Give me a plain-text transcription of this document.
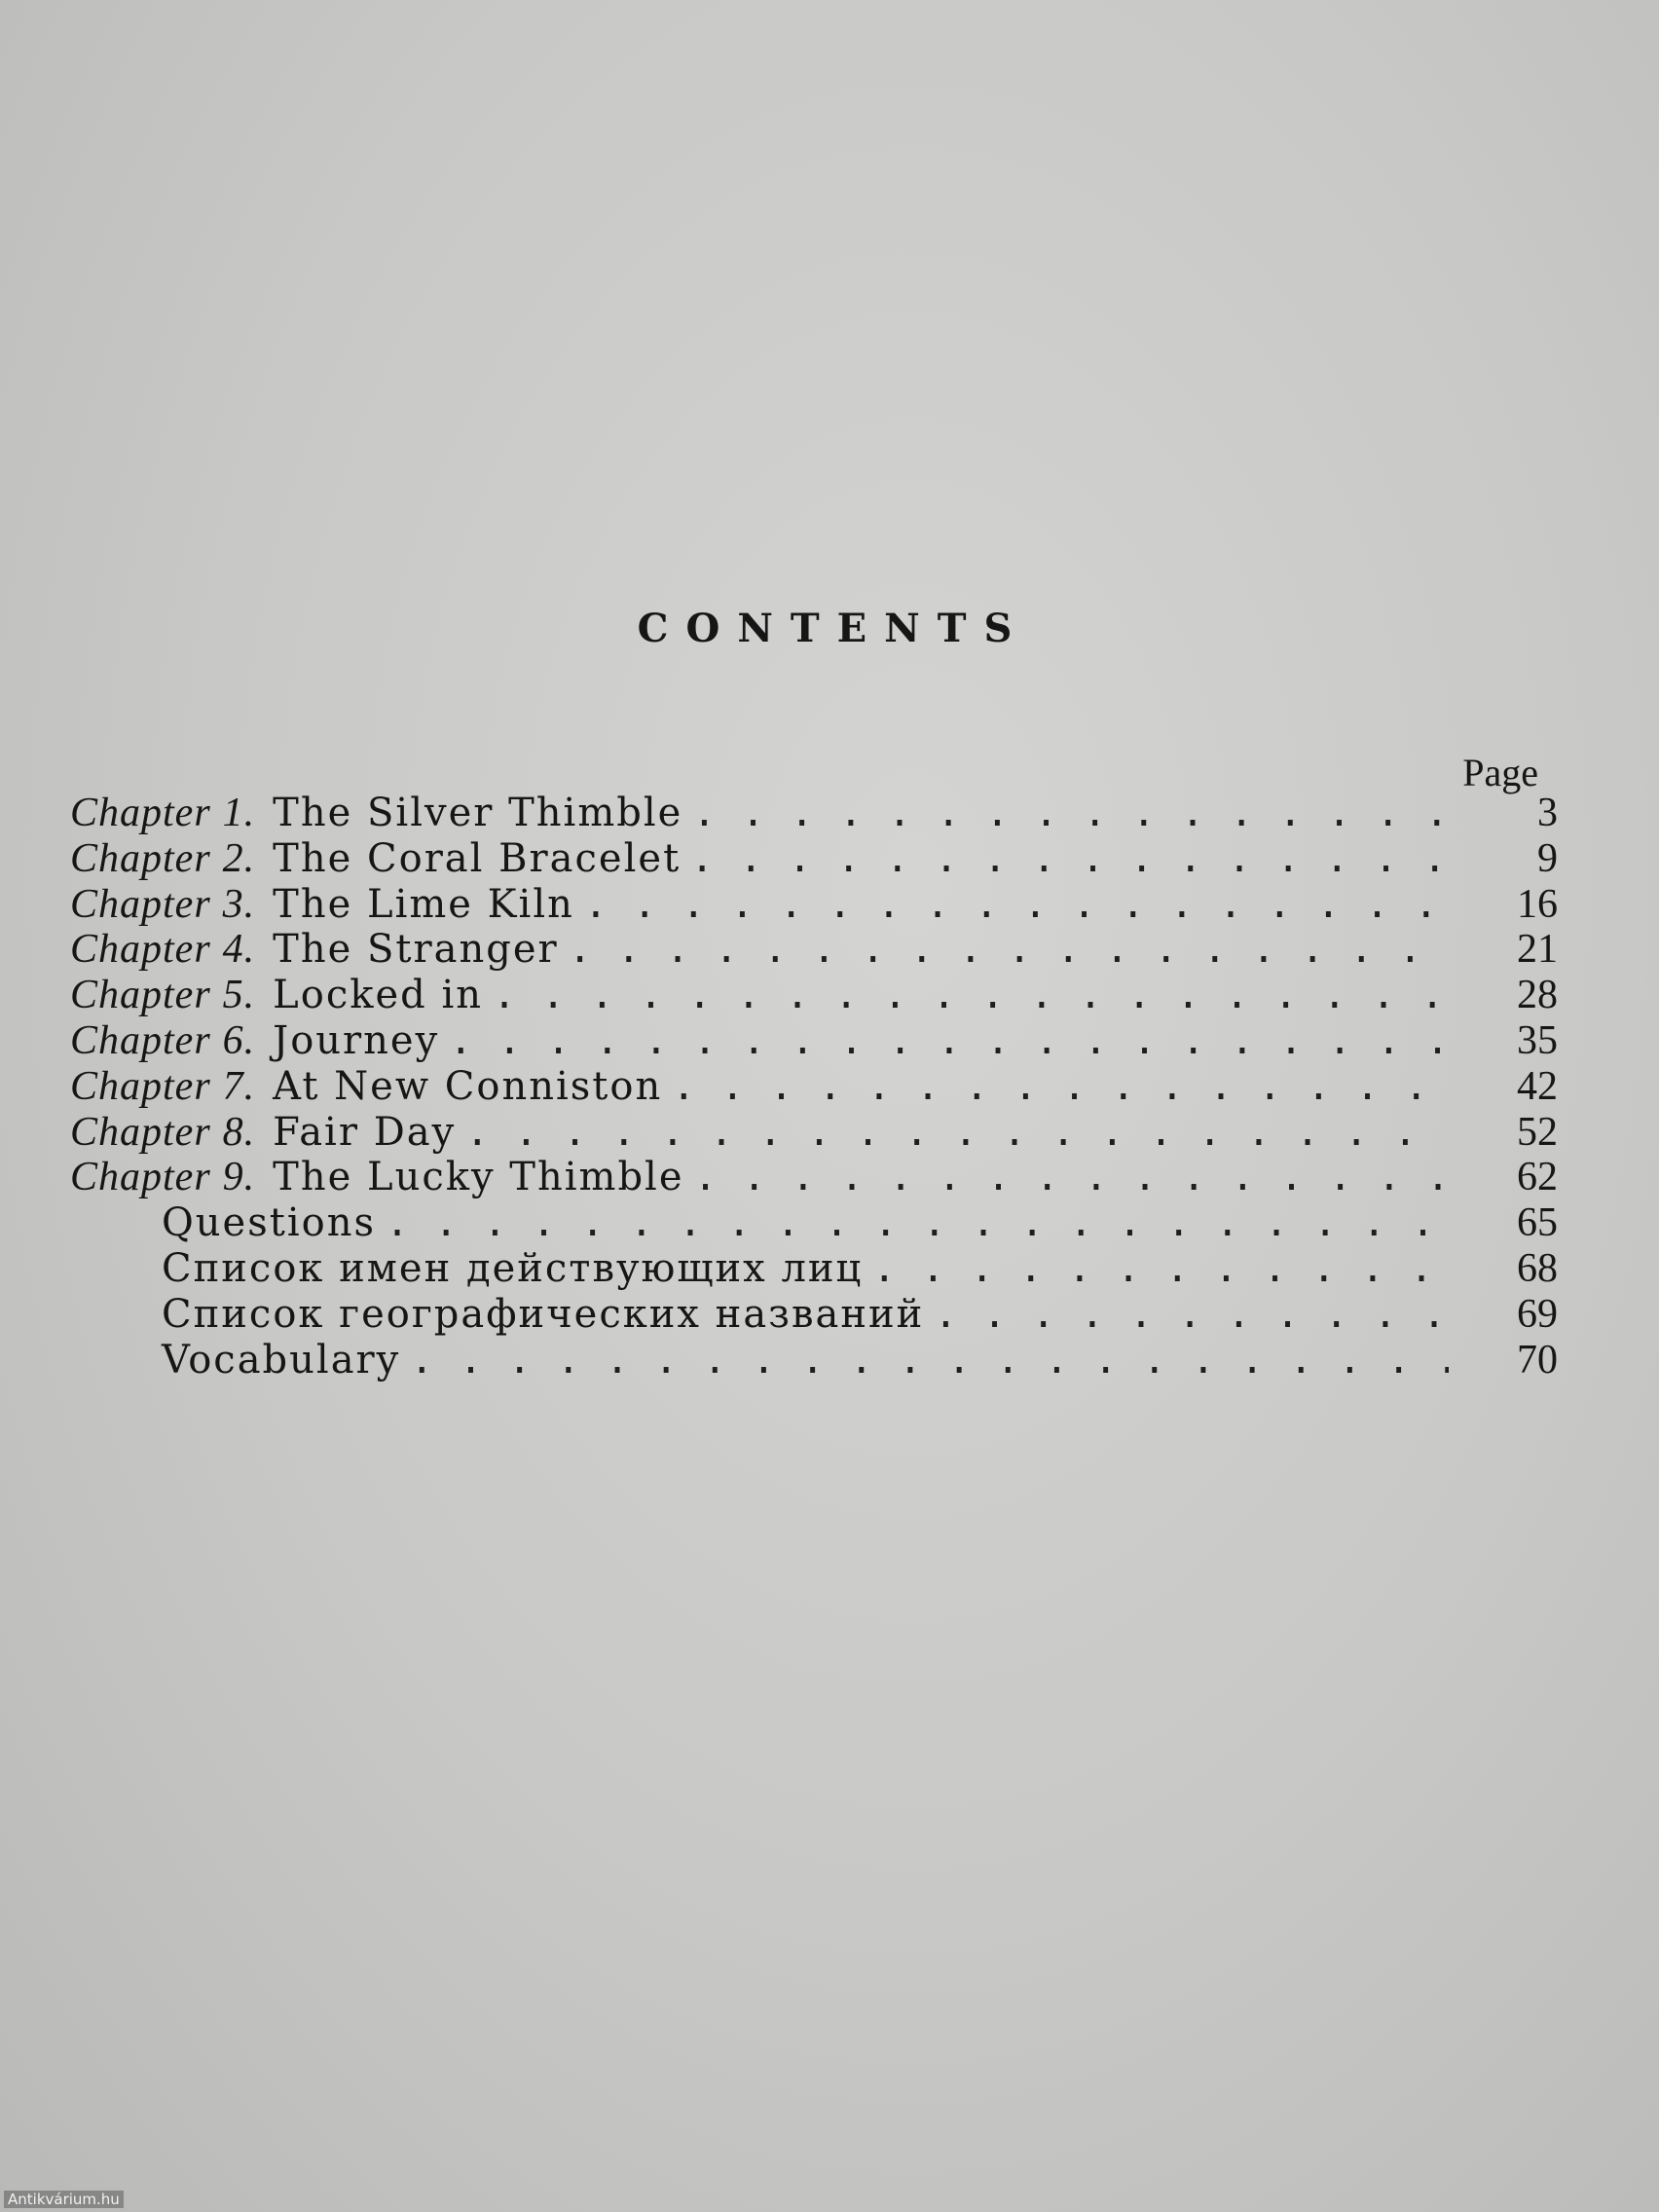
CONTENTS
Page
Chapter 1. The Silver Thimble . . .	3
Chapter 2. The Coral Bracelet . . .	9
Chapter 3. The Lime Kiln . . .	16
Chapter 4. The Stranger . . .	21
Chapter 5. Locked in . . .	28
Chapter 6. Journey . . .	35
Chapter 7. At New Conniston . . .	42
Chapter 8. Fair Day . . .	52
Chapter 9. The Lucky Thimble . . .	62
Questions . . .	65
Список имен действующих лиц . . .	68
Список географических названий . . .	69
Vocabulary . . .	70
Antikvárium.hu
